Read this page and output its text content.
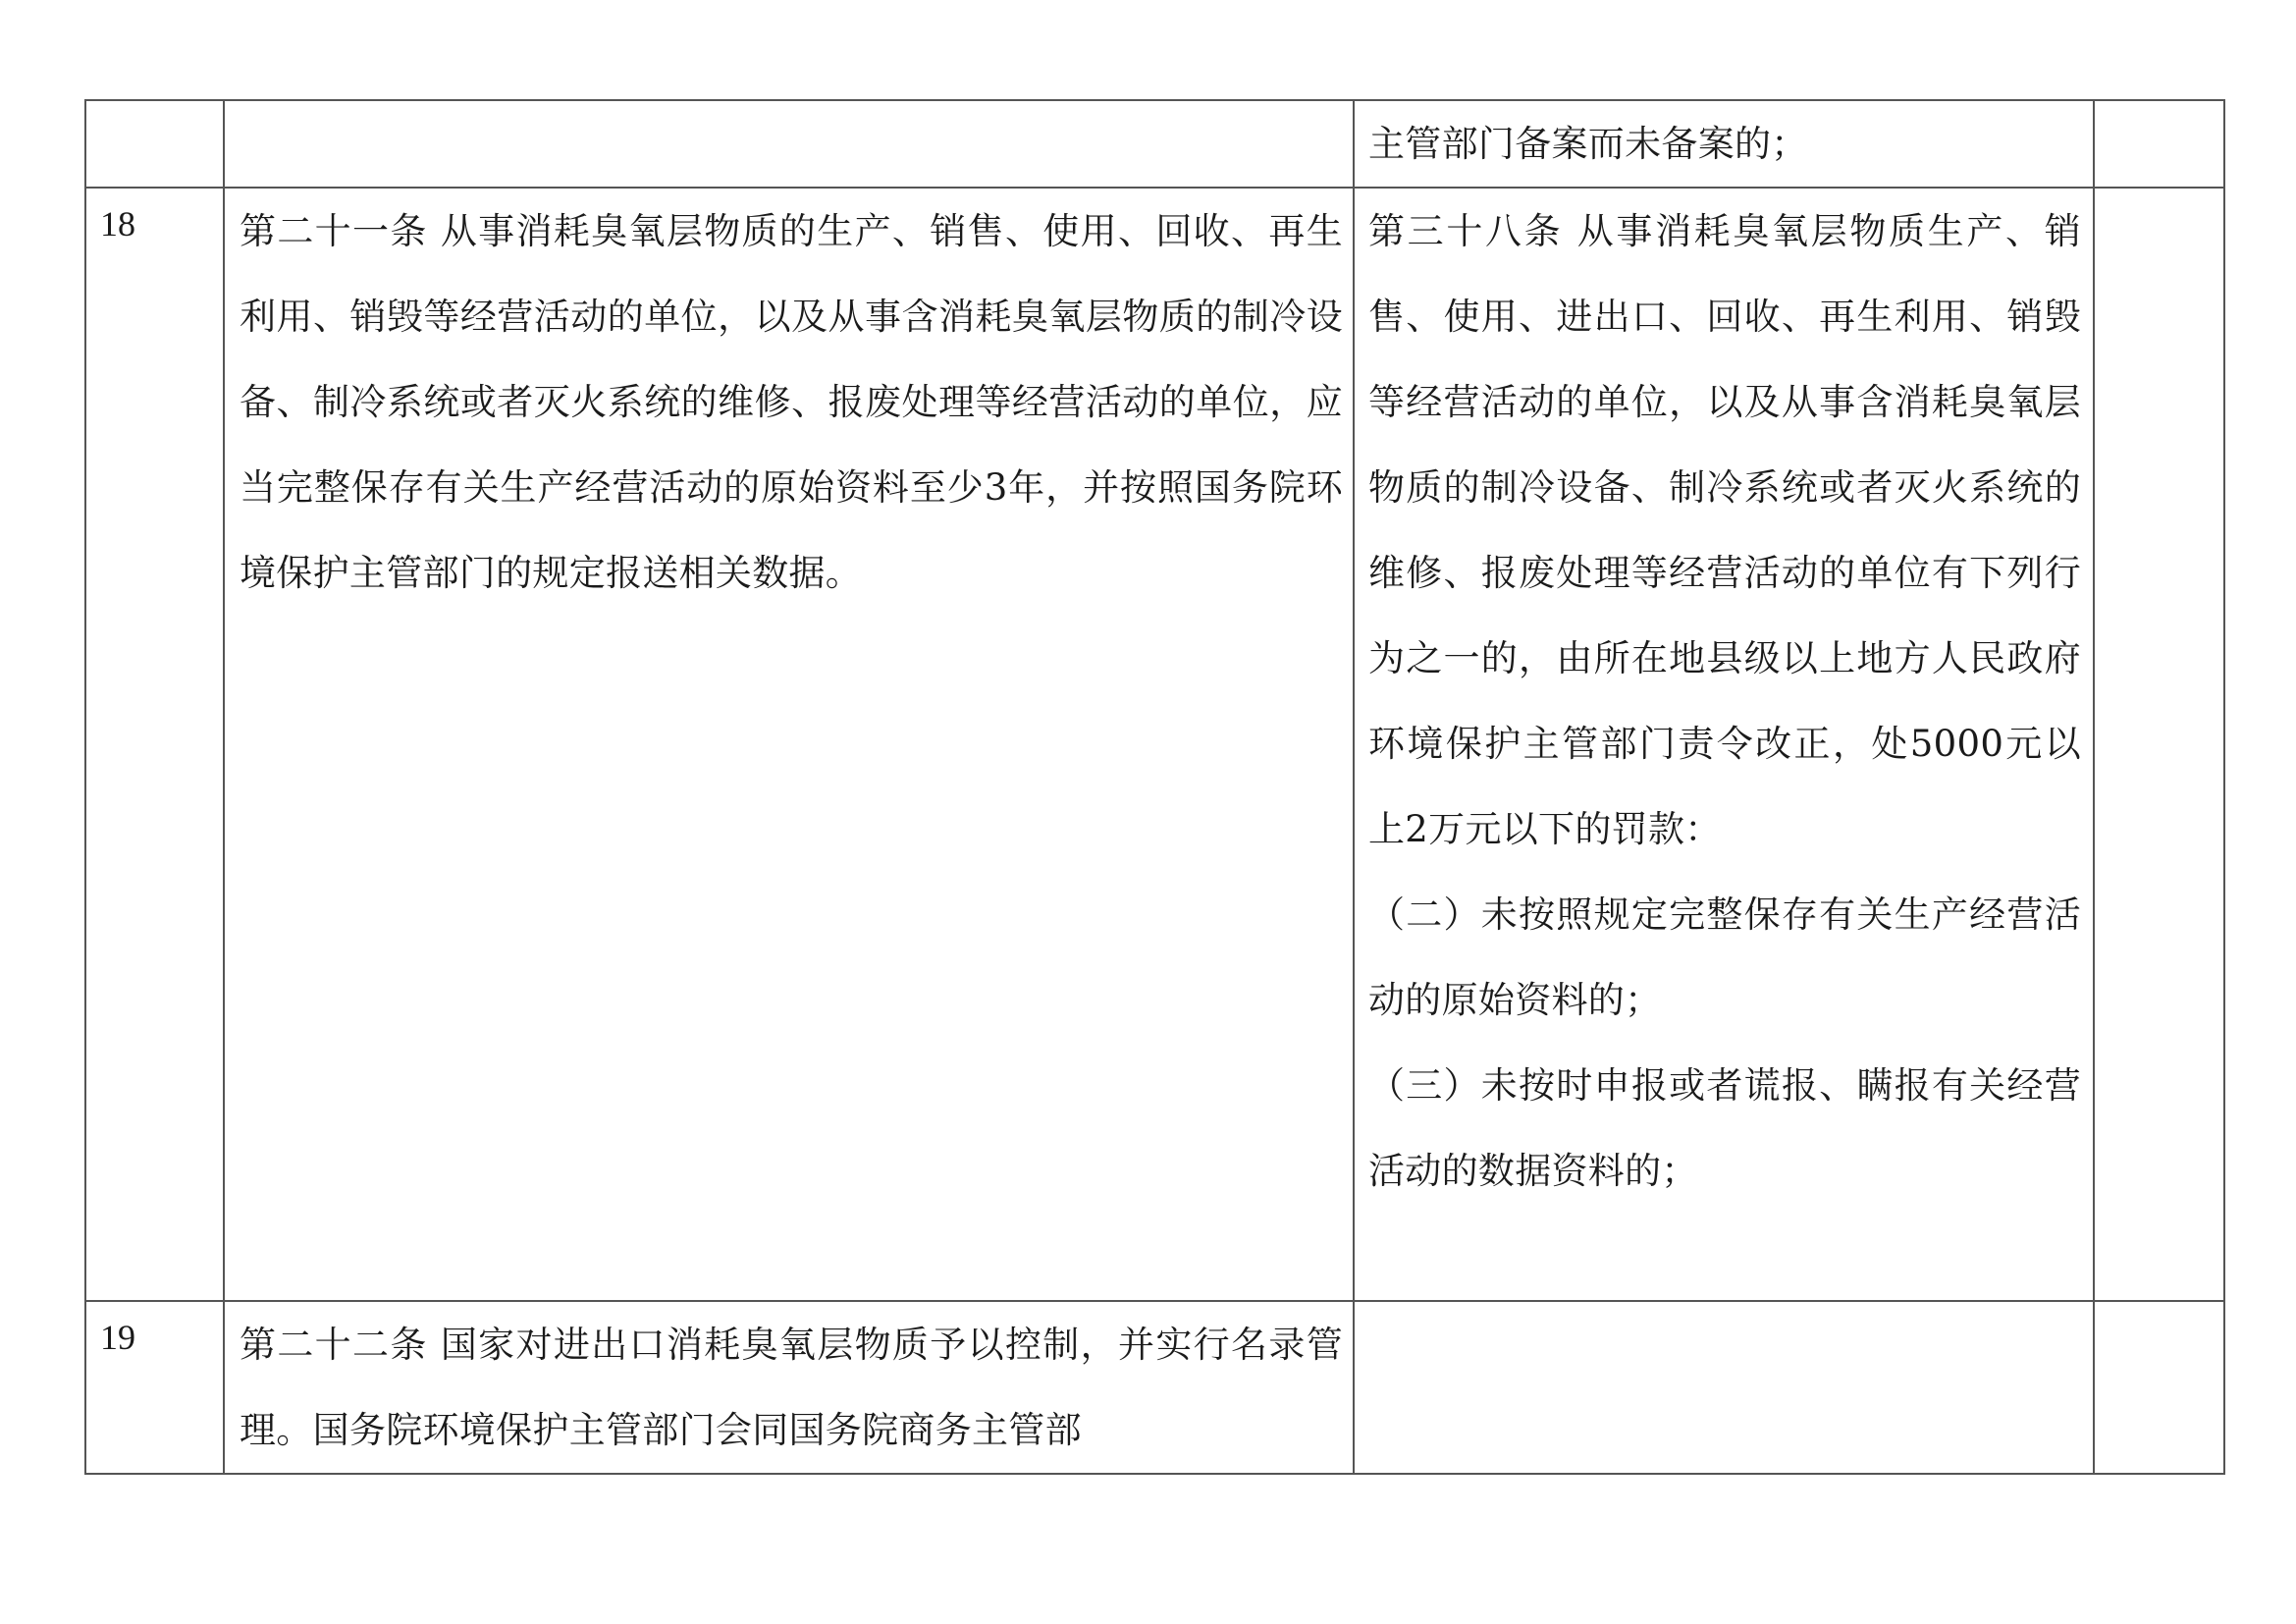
		主管部门备案而未备案的；	

18	第二十一条 从事消耗臭氧层物质的生产、销售、使用、回收、再生利用、销毁等经营活动的单位，以及从事含消耗臭氧层物质的制冷设备、制冷系统或者灭火系统的维修、报废处理等经营活动的单位，应当完整保存有关生产经营活动的原始资料至少3年，并按照国务院环境保护主管部门的规定报送相关数据。	第三十八条 从事消耗臭氧层物质生产、销售、使用、进出口、回收、再生利用、销毁等经营活动的单位，以及从事含消耗臭氧层物质的制冷设备、制冷系统或者灭火系统的维修、报废处理等经营活动的单位有下列行为之一的，由所在地县级以上地方人民政府环境保护主管部门责令改正，处5000元以上2万元以下的罚款：
（二）未按照规定完整保存有关生产经营活动的原始资料的；
（三）未按时申报或者谎报、瞒报有关经营活动的数据资料的；	

19	第二十二条 国家对进出口消耗臭氧层物质予以控制，并实行名录管理。国务院环境保护主管部门会同国务院商务主管部		
